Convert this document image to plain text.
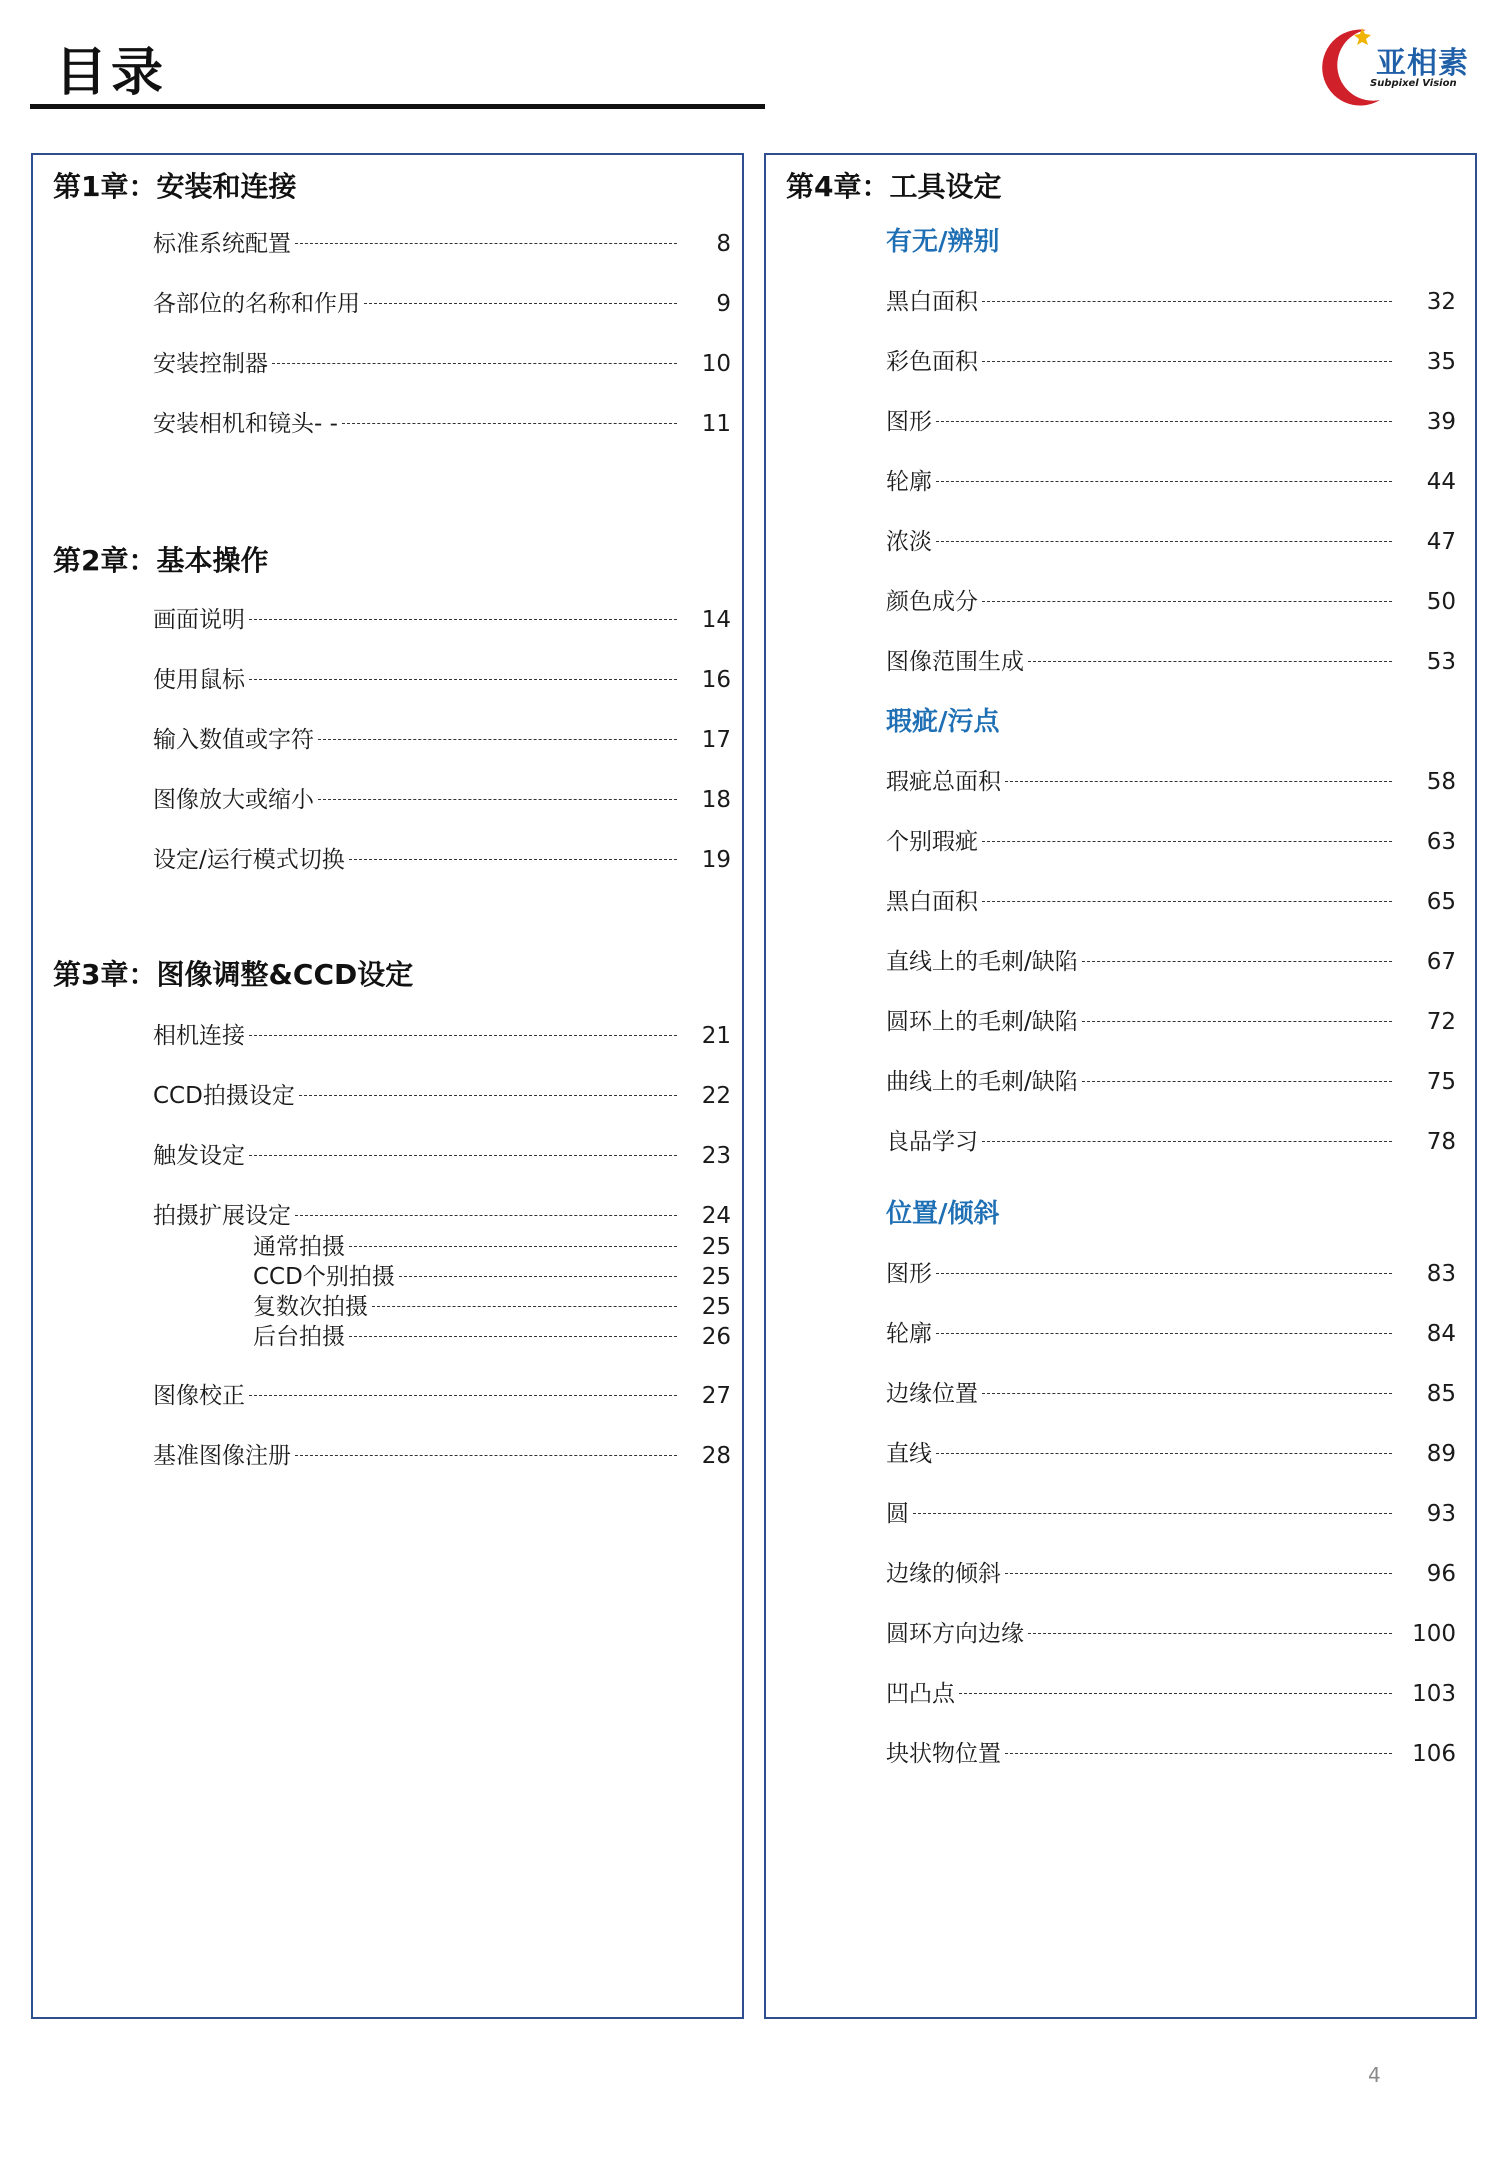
目录	亚相素
Subpixel Vision
第1章：安装和连接
标准系统配置	8
各部位的名称和作用	9
安装控制器	10
安装相机和镜头- -	11
第2章：基本操作
画面说明	14
使用鼠标	16
输入数值或字符	17
图像放大或缩小	18
设定/运行模式切换	19
第3章：图像调整&CCD设定
相机连接	21
CCD拍摄设定	22
触发设定	23
拍摄扩展设定	24
通常拍摄	25
CCD个别拍摄	25
复数次拍摄	25
后台拍摄	26
图像校正	27
基准图像注册	28
第4章：工具设定
有无/辨别
黑白面积	32
彩色面积	35
图形	39
轮廓	44
浓淡	47
颜色成分	50
图像范围生成	53
瑕疵/污点
瑕疵总面积	58
个别瑕疵	63
黑白面积	65
直线上的毛刺/缺陷	67
圆环上的毛刺/缺陷	72
曲线上的毛刺/缺陷	75
良品学习	78
位置/倾斜
图形	83
轮廓	84
边缘位置	85
直线	89
圆	93
边缘的倾斜	96
圆环方向边缘	100
凹凸点	103
块状物位置	106
4
